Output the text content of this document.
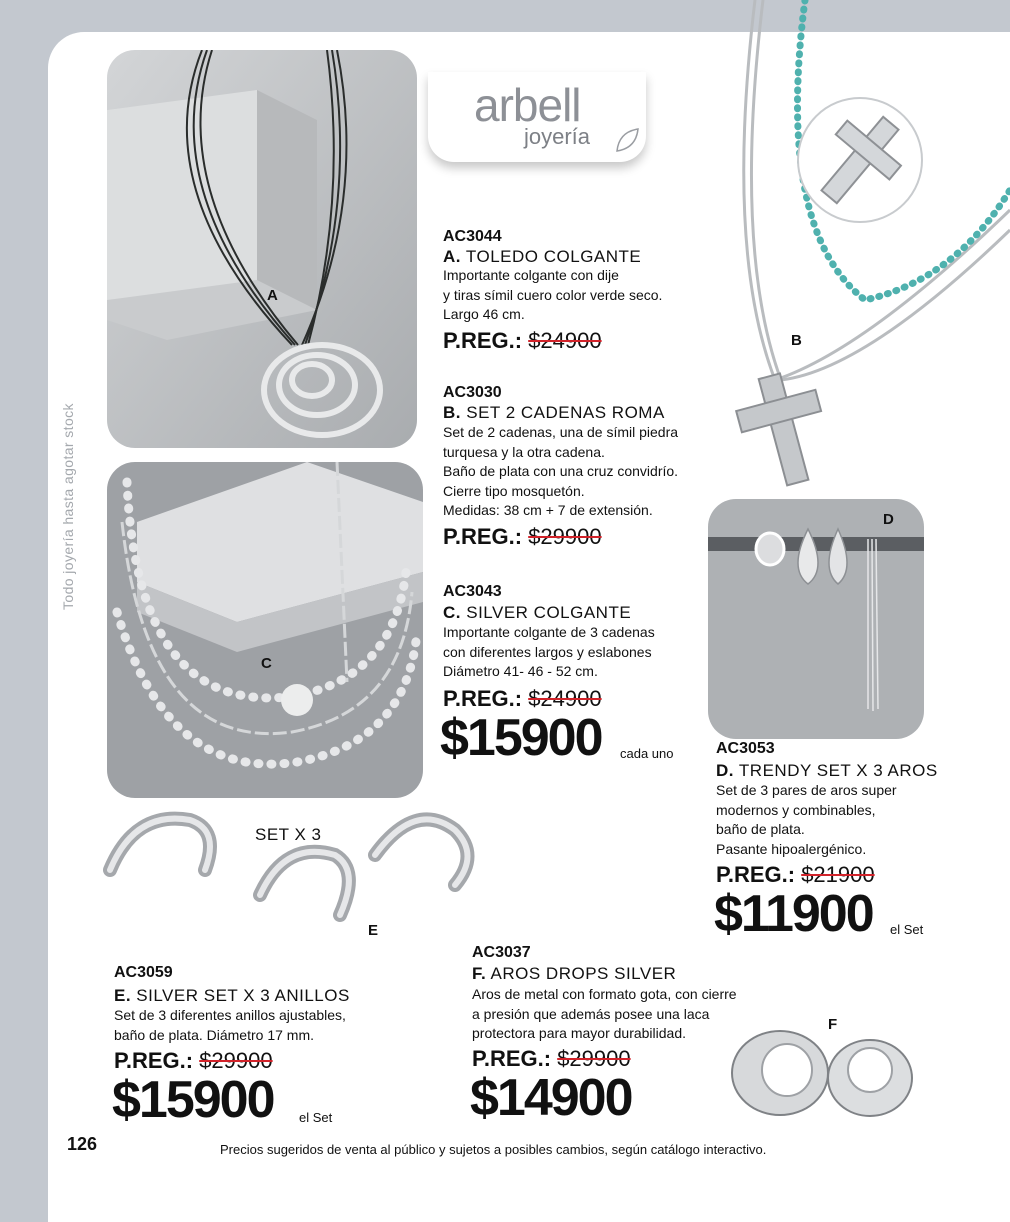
Todo joyería hasta agotar stock
arbell
joyería
A
C
B
D
SET X 3
E
F
AC3044
A. TOLEDO COLGANTE
Importante colgante con dije
y tiras símil cuero color verde seco.
Largo 46 cm.
P.REG.: $24900
AC3030
B. SET 2 CADENAS ROMA
Set de 2 cadenas, una de símil piedra
turquesa y la otra cadena.
Baño de plata con una cruz convidrío.
Cierre tipo mosquetón.
Medidas: 38 cm + 7 de extensión.
P.REG.: $29900
AC3043
C. SILVER COLGANTE
Importante colgante de 3 cadenas
con diferentes largos y eslabones
Diámetro 41- 46 - 52 cm.
P.REG.: $24900
$15900 cada uno	AC3053
D. TRENDY SET X 3 AROS
Set de 3 pares de aros super
modernos y combinables,
baño de plata.
Pasante hipoalergénico.
P.REG.: $21900
$11900 el Set
AC3059
E. SILVER SET X 3 ANILLOS
Set de 3 diferentes anillos ajustables,
baño de plata. Diámetro 17 mm.
P.REG.: $29900
$15900 el Set
AC3037
F. AROS DROPS SILVER
Aros de metal con formato gota, con cierre
a presión que además posee una laca
protectora para mayor durabilidad.
P.REG.: $29900
$14900
126	Precios sugeridos de venta al público y sujetos a posibles cambios, según catálogo interactivo.
